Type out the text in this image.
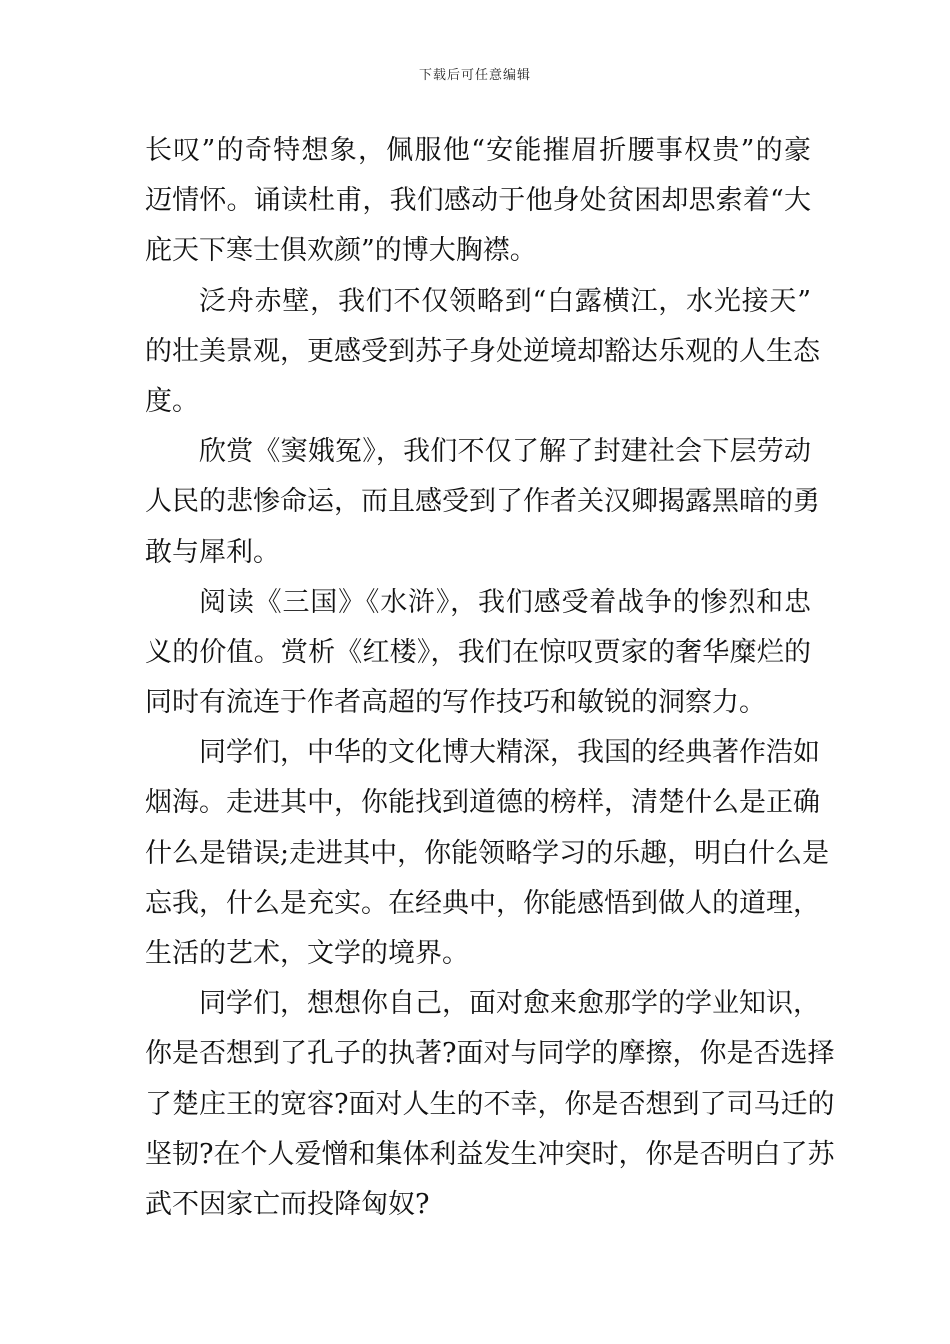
下载后可任意编辑
长叹”的奇特想象，佩服他“安能摧眉折腰事权贵”的豪
迈情怀。诵读杜甫，我们感动于他身处贫困却思索着“大
庇天下寒士俱欢颜”的博大胸襟。
泛舟赤壁，我们不仅领略到“白露横江，水光接天”
的壮美景观，更感受到苏子身处逆境却豁达乐观的人生态
度。
欣赏《窦娥冤》，我们不仅了解了封建社会下层劳动
人民的悲惨命运，而且感受到了作者关汉卿揭露黑暗的勇
敢与犀利。
阅读《三国》《水浒》，我们感受着战争的惨烈和忠
义的价值。赏析《红楼》，我们在惊叹贾家的奢华糜烂的
同时有流连于作者高超的写作技巧和敏锐的洞察力。
同学们，中华的文化博大精深，我国的经典著作浩如
烟海。走进其中，你能找到道德的榜样，清楚什么是正确
什么是错误;走进其中，你能领略学习的乐趣，明白什么是
忘我，什么是充实。在经典中，你能感悟到做人的道理，
生活的艺术，文学的境界。
同学们，想想你自己，面对愈来愈那学的学业知识，
你是否想到了孔子的执著?面对与同学的摩擦，你是否选择
了楚庄王的宽容?面对人生的不幸，你是否想到了司马迁的
坚韧?在个人爱憎和集体利益发生冲突时，你是否明白了苏
武不因家亡而投降匈奴?
